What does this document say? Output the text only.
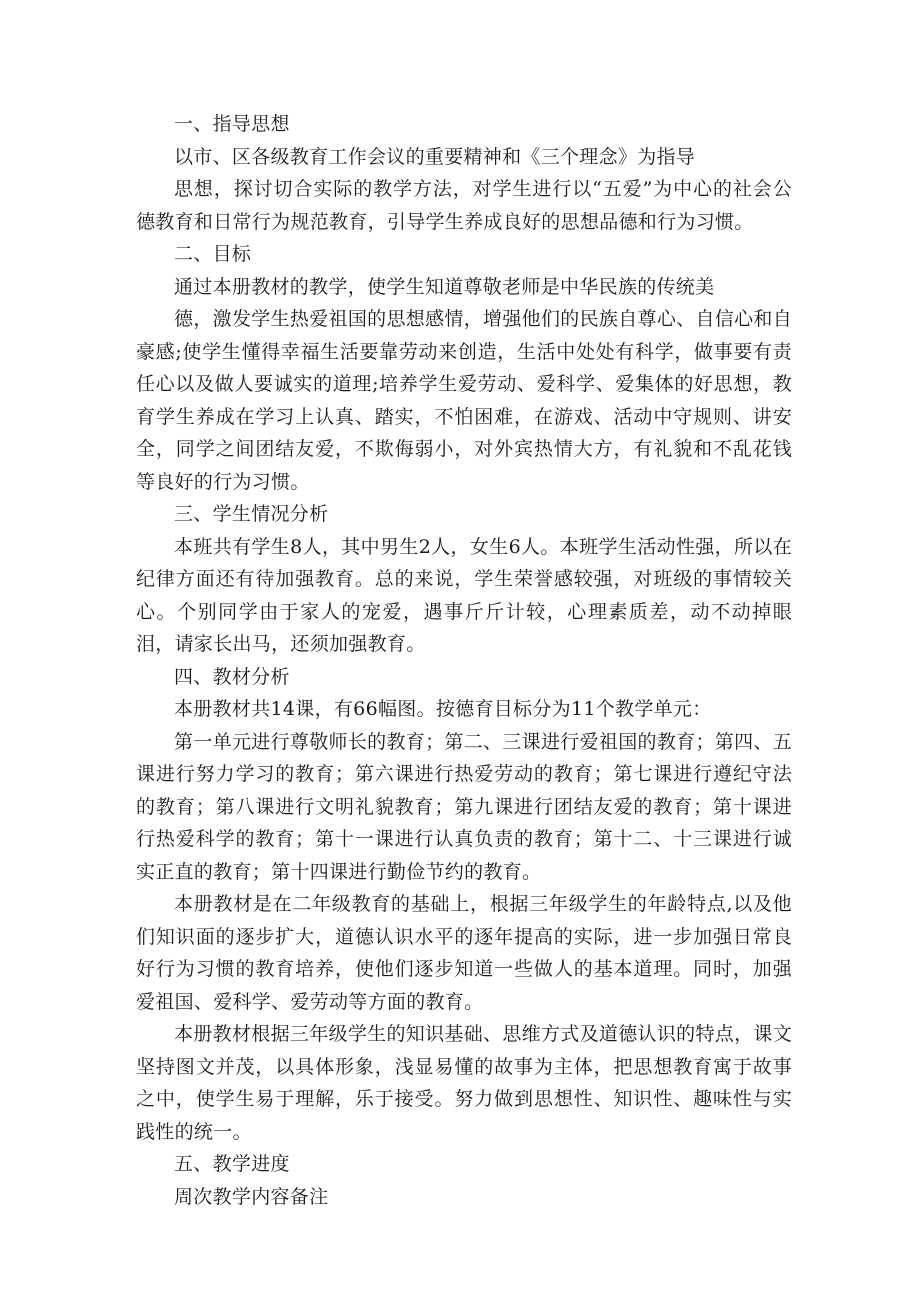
一、指导思想

以市、区各级教育工作会议的重要精神和《三个理念》为指导

思想，探讨切合实际的教学方法，对学生进行以“五爱”为中心的社会公德教育和日常行为规范教育，引导学生养成良好的思想品德和行为习惯。

二、目标

通过本册教材的教学，使学生知道尊敬老师是中华民族的传统美

德，激发学生热爱祖国的思想感情，增强他们的民族自尊心、自信心和自豪感;使学生懂得幸福生活要靠劳动来创造，生活中处处有科学，做事要有责任心以及做人要诚实的道理;培养学生爱劳动、爱科学、爱集体的好思想，教育学生养成在学习上认真、踏实，不怕困难，在游戏、活动中守规则、讲安全，同学之间团结友爱，不欺侮弱小，对外宾热情大方，有礼貌和不乱花钱等良好的行为习惯。

三、学生情况分析

本班共有学生8人，其中男生2人，女生6人。本班学生活动性强，所以在纪律方面还有待加强教育。总的来说，学生荣誉感较强，对班级的事情较关心。个别同学由于家人的宠爱，遇事斤斤计较，心理素质差，动不动掉眼泪，请家长出马，还须加强教育。

四、教材分析

本册教材共14课，有66幅图。按德育目标分为11个教学单元：

第一单元进行尊敬师长的教育；第二、三课进行爱祖国的教育；第四、五课进行努力学习的教育；第六课进行热爱劳动的教育；第七课进行遵纪守法的教育；第八课进行文明礼貌教育；第九课进行团结友爱的教育；第十课进行热爱科学的教育；第十一课进行认真负责的教育；第十二、十三课进行诚实正直的教育；第十四课进行勤俭节约的教育。

本册教材是在二年级教育的基础上，根据三年级学生的年龄特点,以及他们知识面的逐步扩大，道德认识水平的逐年提高的实际，进一步加强日常良好行为习惯的教育培养，使他们逐步知道一些做人的基本道理。同时，加强爱祖国、爱科学、爱劳动等方面的教育。

本册教材根据三年级学生的知识基础、思维方式及道德认识的特点，课文坚持图文并茂，以具体形象，浅显易懂的故事为主体，把思想教育寓于故事之中，使学生易于理解，乐于接受。努力做到思想性、知识性、趣味性与实践性的统一。

五、教学进度

周次教学内容备注
